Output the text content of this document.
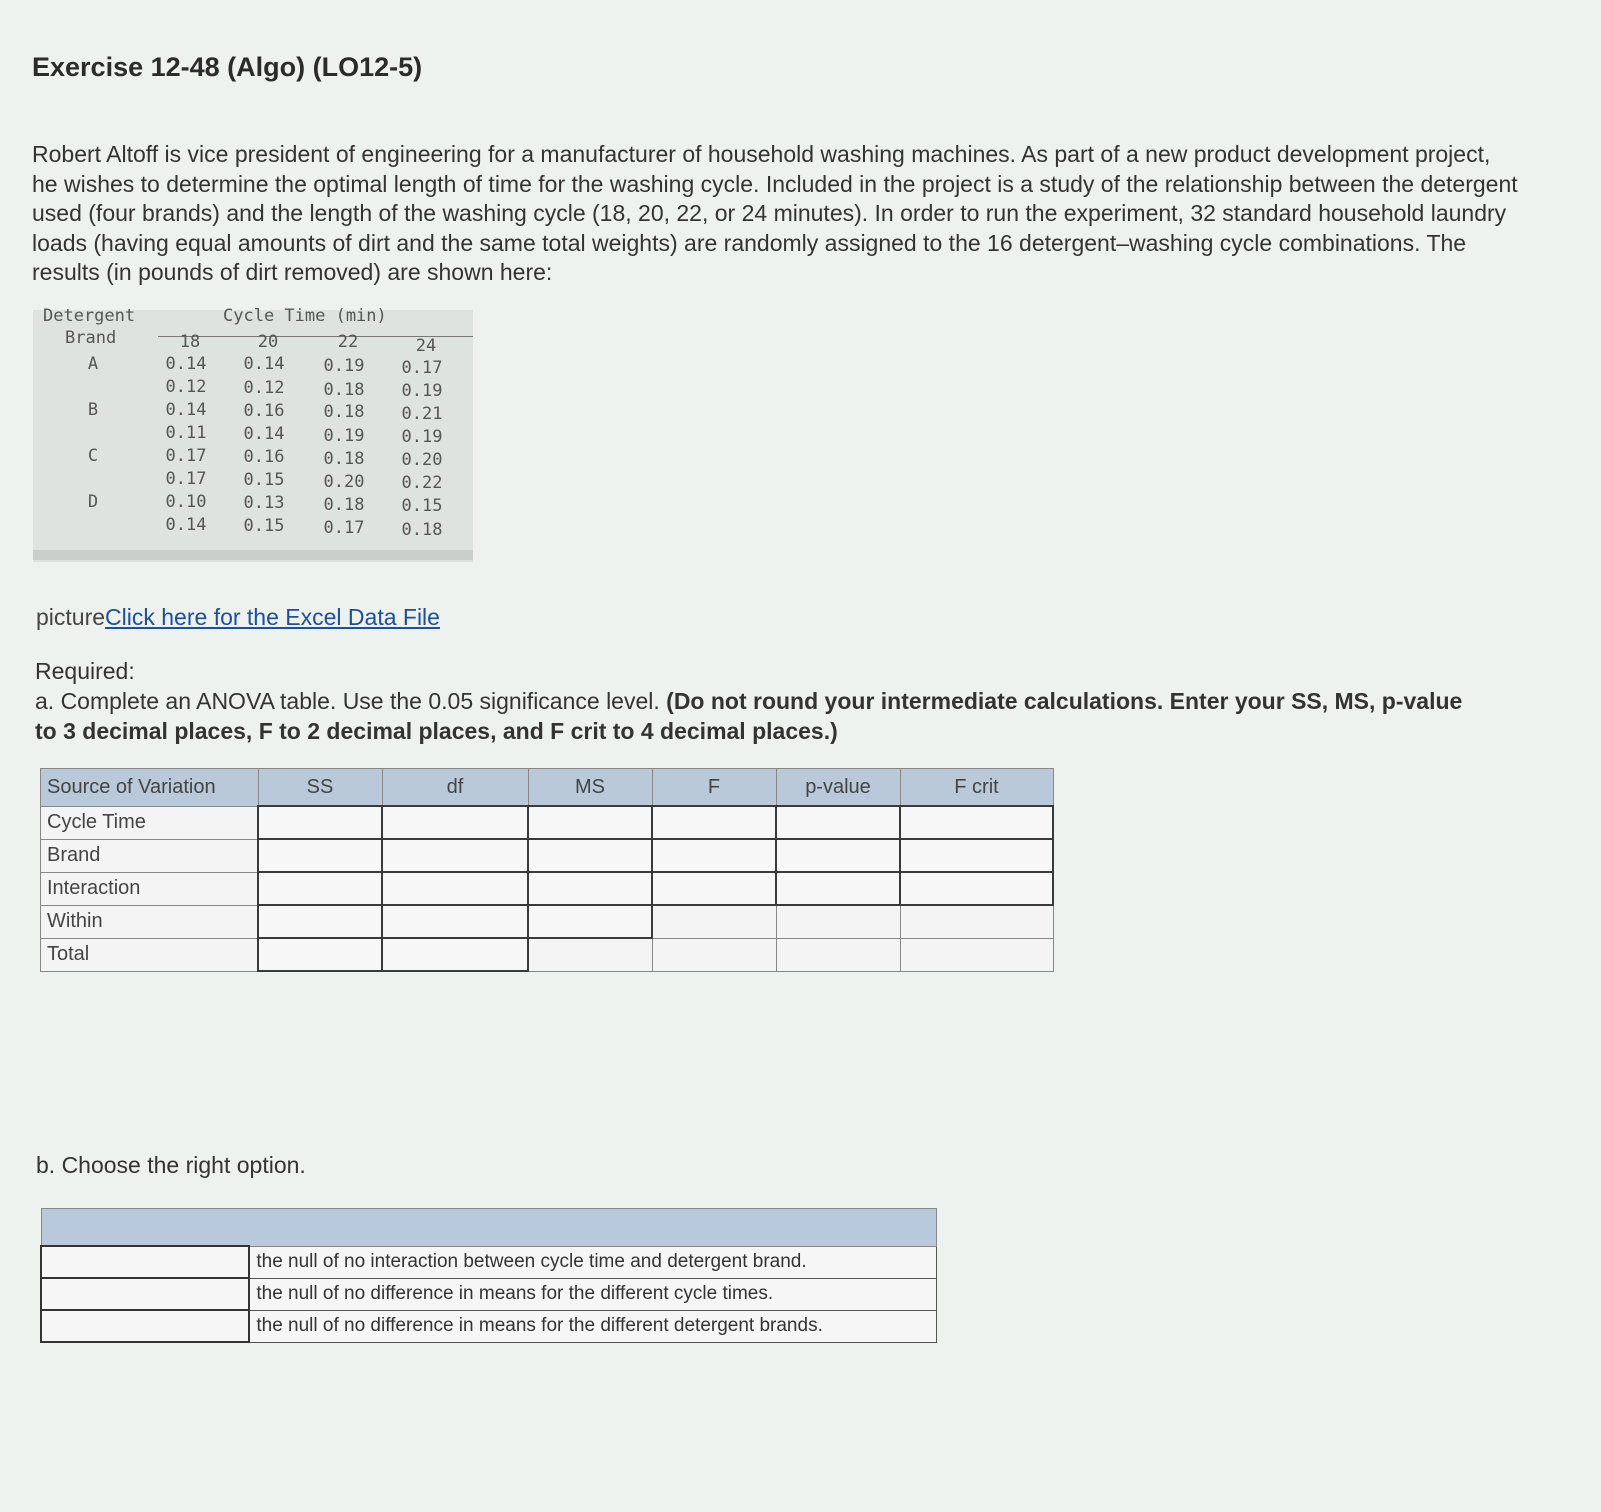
Exercise 12-48 (Algo) (LO12-5)
Robert Altoff is vice president of engineering for a manufacturer of household washing machines. As part of a new product development project, he wishes to determine the optimal length of time for the washing cycle. Included in the project is a study of the relationship between the detergent used (four brands) and the length of the washing cycle (18, 20, 22, or 24 minutes). In order to run the experiment, 32 standard household laundry loads (having equal amounts of dirt and the same total weights) are randomly assigned to the 16 detergent–washing cycle combinations. The results (in pounds of dirt removed) are shown here:
Detergent
Brand
Cycle Time (min)
18	20	22	24
A	0.14	0.14	0.19	0.17
0.12	0.12	0.18	0.19
B	0.14	0.16	0.18	0.21
0.11	0.14	0.19	0.19
C	0.17	0.16	0.18	0.20
0.17	0.15	0.20	0.22
D	0.10	0.13	0.18	0.15
0.14	0.15	0.17	0.18
pictureClick here for the Excel Data File
Required:
a. Complete an ANOVA table. Use the 0.05 significance level. (Do not round your intermediate calculations. Enter your SS, MS, p-value to 3 decimal places, F to 2 decimal places, and F crit to 4 decimal places.)
Source of Variation	SS	df	MS	F	p-value	F crit
Cycle Time						
Brand						
Interaction						
Within						
Total						
b. Choose the right option.

	the null of no interaction between cycle time and detergent brand.
	the null of no difference in means for the different cycle times.
	the null of no difference in means for the different detergent brands.
